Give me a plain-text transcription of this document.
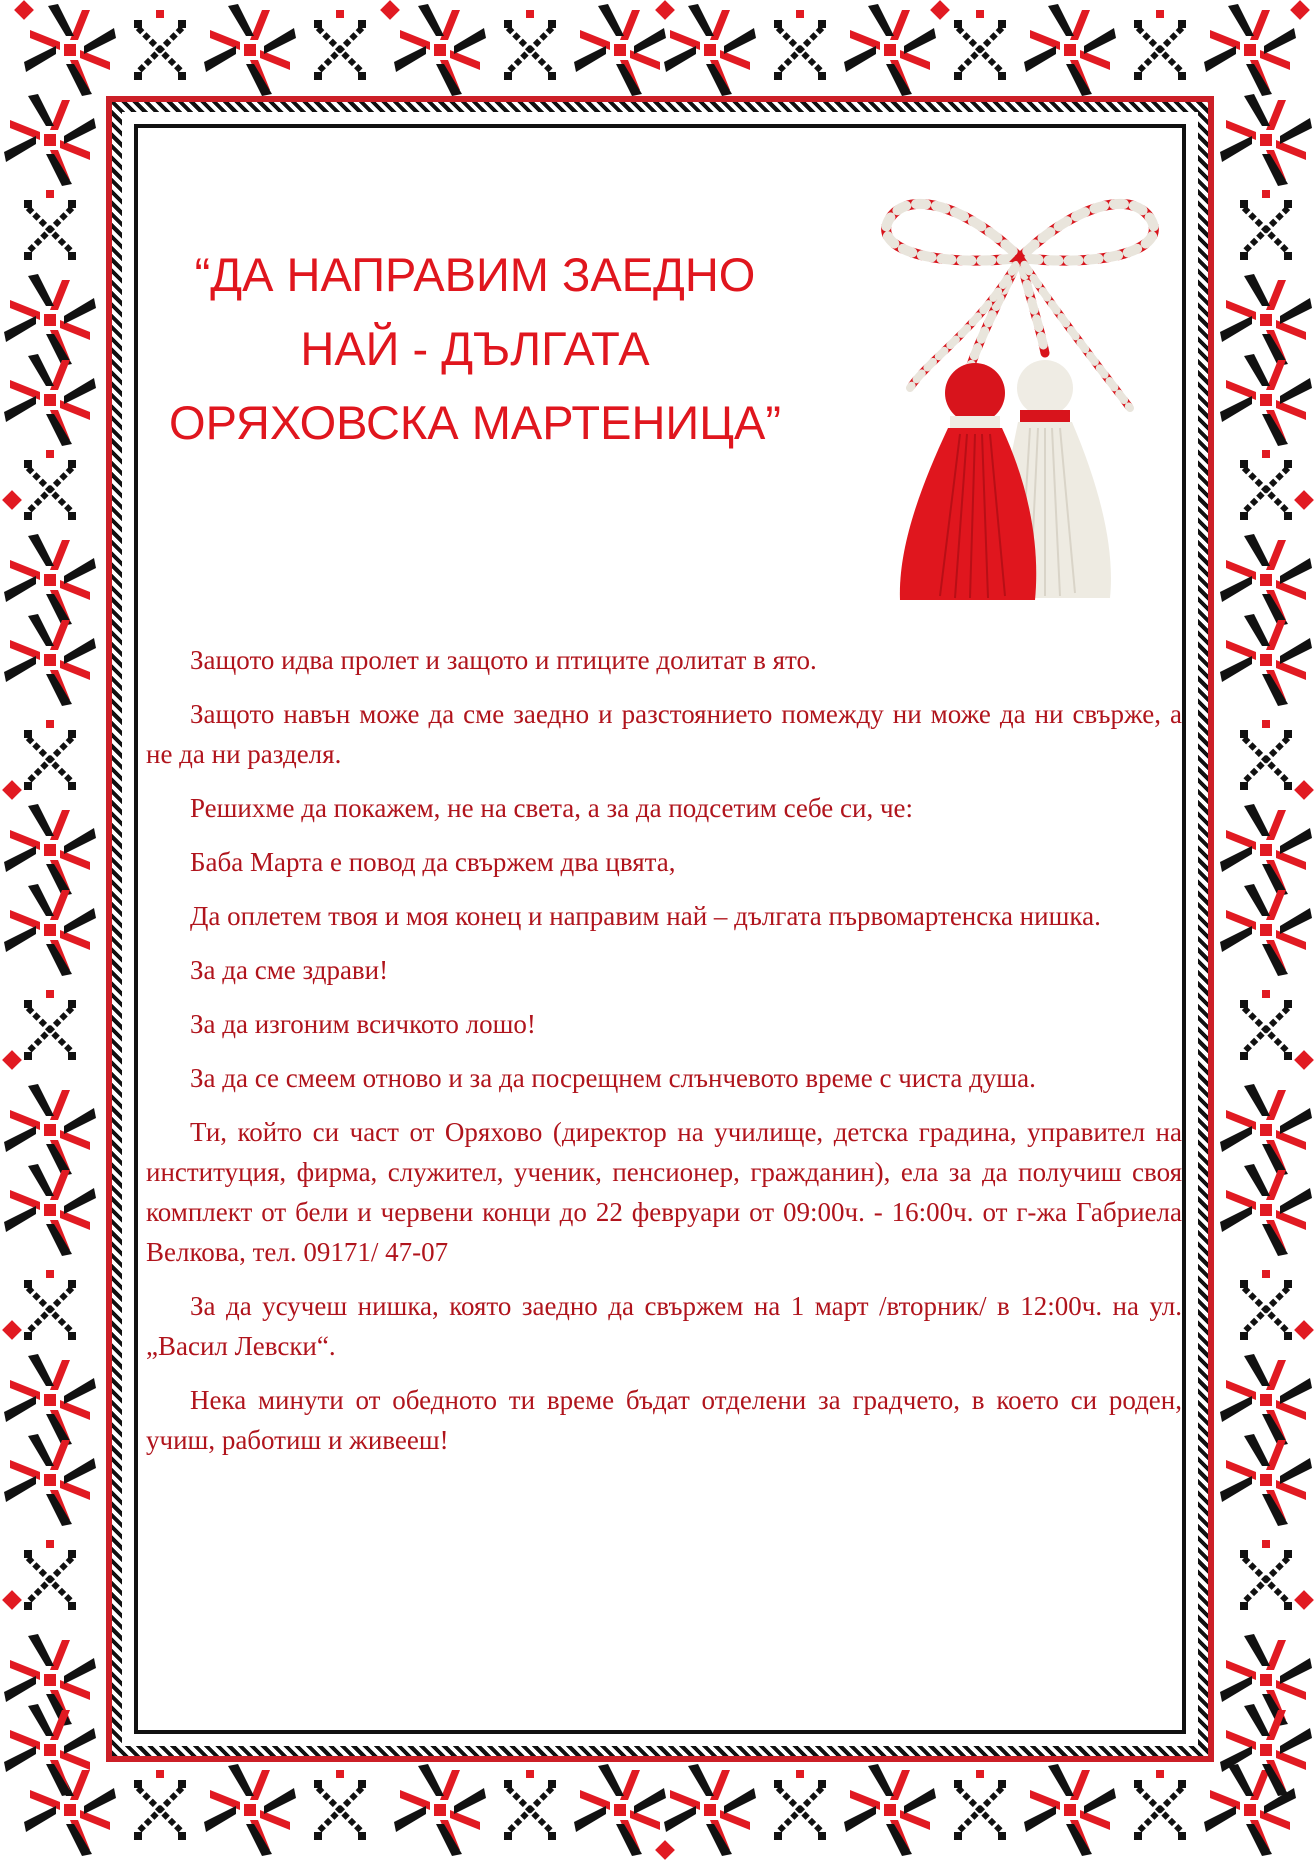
“ДА НАПРАВИМ ЗАЕДНО
НАЙ - ДЪЛГАТА
ОРЯХОВСКА МАРТЕНИЦА”

Защото идва пролет и защото и птиците долитат в ято.

Защото навън може да сме заедно и разстоянието помежду ни може да ни свърже, а не да ни разделя.

Решихме да покажем, не на света, а за да подсетим себе си, че:

Баба Марта е повод да свържем два цвята,

Да оплетем твоя и моя конец и направим най – дългата първомартенска нишка.

За да сме здрави!

За да изгоним всичкото лошо!

За да се смеем отново и за да посрещнем слънчевото време с чиста душа.

Ти, който си част от Оряхово (директор на училище, детска градина, управител на институция, фирма, служител, ученик, пенсионер, гражданин), ела за да получиш своя комплект от бели и червени конци до 22 февруари от 09:00ч. - 16:00ч. от г-жа Габриела Велкова, тел. 09171/ 47-07

За да усучеш нишка, която заедно да свържем на 1 март /вторник/ в 12:00ч. на ул. „Васил Левски“.

Нека минути от обедното ти време бъдат отделени за градчето, в което си роден, учиш, работиш и живееш!
